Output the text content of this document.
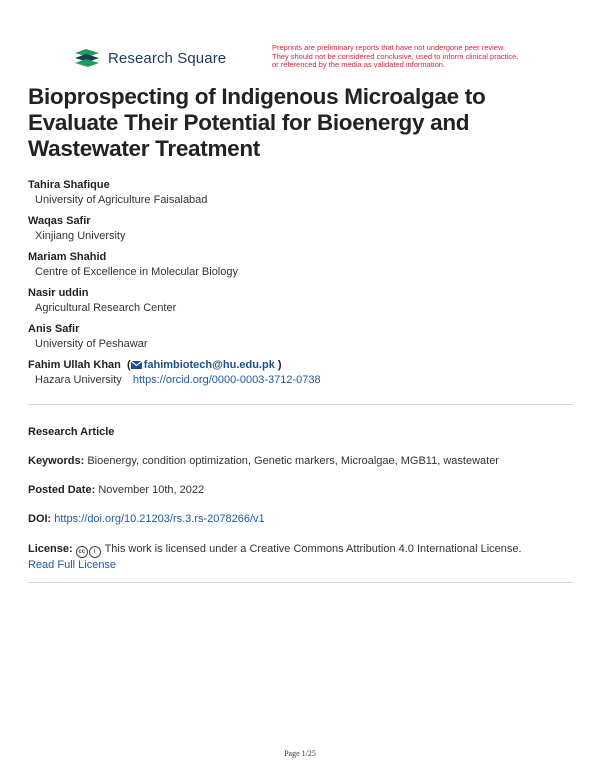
Research Square
Preprints are preliminary reports that have not undergone peer review.
They should not be considered conclusive, used to inform clinical practice,
or referenced by the media as validated information.
Bioprospecting of Indigenous Microalgae to Evaluate Their Potential for Bioenergy and Wastewater Treatment
Tahira Shafique
University of Agriculture Faisalabad
Waqas Safir
Xinjiang University
Mariam Shahid
Centre of Excellence in Molecular Biology
Nasir uddin
Agricultural Research Center
Anis Safir
University of Peshawar
Fahim Ullah Khan  ( fahimbiotech@hu.edu.pk )
Hazara University https://orcid.org/0000-0003-3712-0738
Research Article
Keywords: Bioenergy, condition optimization, Genetic markers, Microalgae, MGB11, wastewater
Posted Date: November 10th, 2022
DOI: https://doi.org/10.21203/rs.3.rs-2078266/v1
License: cc i This work is licensed under a Creative Commons Attribution 4.0 International License.
Read Full License
Page 1/25
